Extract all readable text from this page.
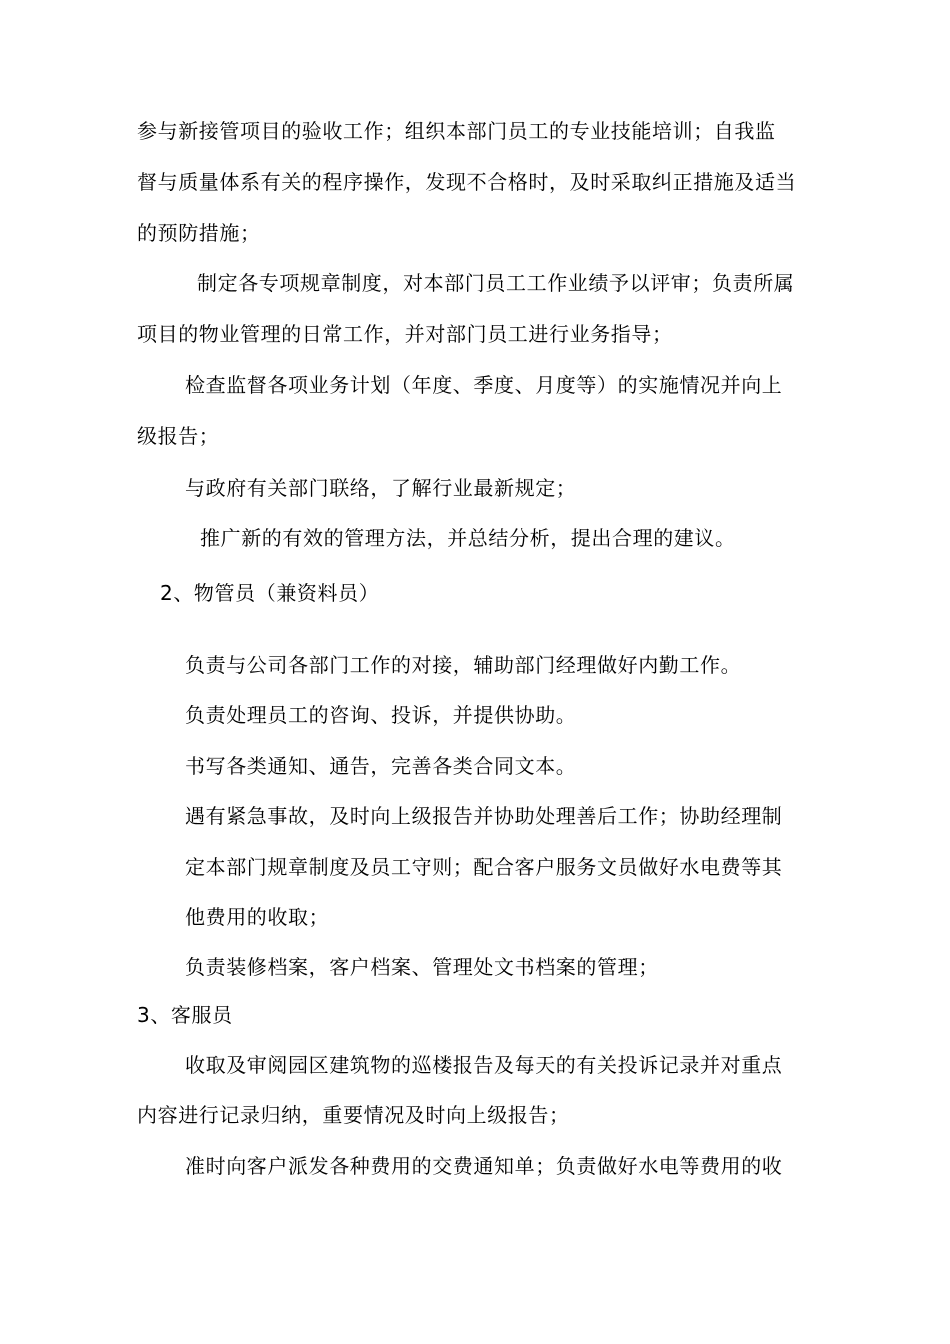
参与新接管项目的验收工作；组织本部门员工的专业技能培训；自我监
督与质量体系有关的程序操作，发现不合格时，及时采取纠正措施及适当
的预防措施；
制定各专项规章制度，对本部门员工工作业绩予以评审；负责所属
项目的物业管理的日常工作，并对部门员工进行业务指导；
检查监督各项业务计划（年度、季度、月度等）的实施情况并向上
级报告；
与政府有关部门联络，了解行业最新规定；
推广新的有效的管理方法，并总结分析，提出合理的建议。
2、物管员（兼资料员）
负责与公司各部门工作的对接，辅助部门经理做好内勤工作。
负责处理员工的咨询、投诉，并提供协助。
书写各类通知、通告，完善各类合同文本。
遇有紧急事故，及时向上级报告并协助处理善后工作；协助经理制
定本部门规章制度及员工守则；配合客户服务文员做好水电费等其
他费用的收取；
负责装修档案，客户档案、管理处文书档案的管理；
3、客服员
收取及审阅园区建筑物的巡楼报告及每天的有关投诉记录并对重点
内容进行记录归纳，重要情况及时向上级报告；
准时向客户派发各种费用的交费通知单；负责做好水电等费用的收
